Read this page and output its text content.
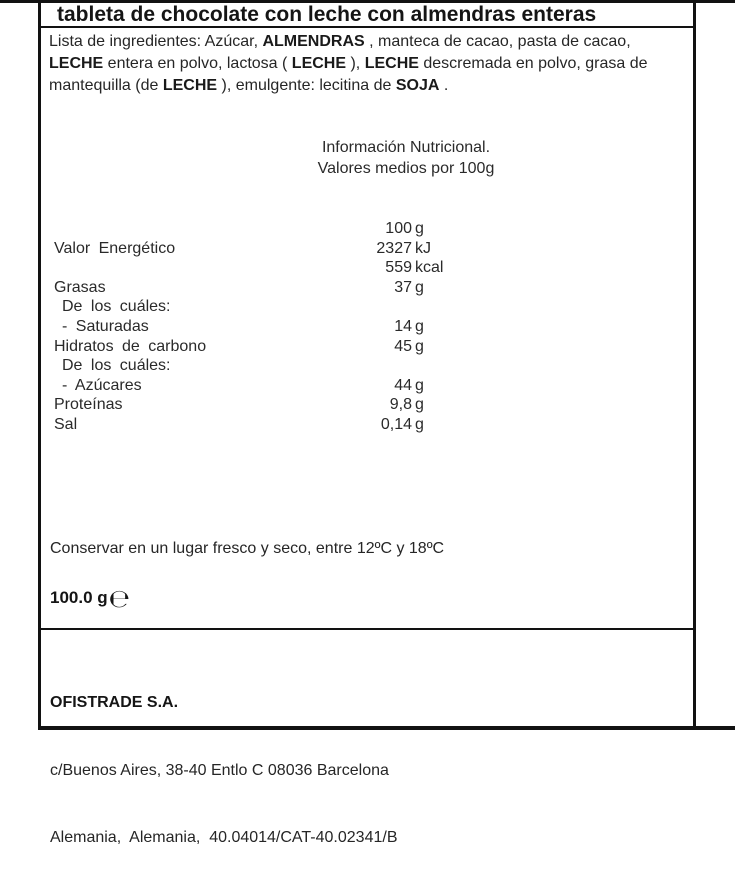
tableta de chocolate con leche con almendras enteras

Lista de ingredientes: Azúcar, ALMENDRAS , manteca de cacao, pasta de cacao, LECHE entera en polvo, lactosa ( LECHE ), LECHE descremada en polvo, grasa de mantequilla (de LECHE ), emulgente: lecitina de SOJA .

Información Nutricional.
Valores medios por 100g
100 g
Valor Energético	2327 kJ
559 kcal
Grasas	37 g
De los cuáles:
- Saturadas	14 g
Hidratos de carbono	45 g
De los cuáles:
- Azúcares	44 g
Proteínas	9,8 g
Sal	0,14 g

Conservar en un lugar fresco y seco, entre 12ºC y 18ºC

100.0 g℮

OFISTRADE S.A.

c/Buenos Aires, 38-40 Entlo C 08036 Barcelona

Alemania,  Alemania,  40.04014/CAT-40.02341/B
